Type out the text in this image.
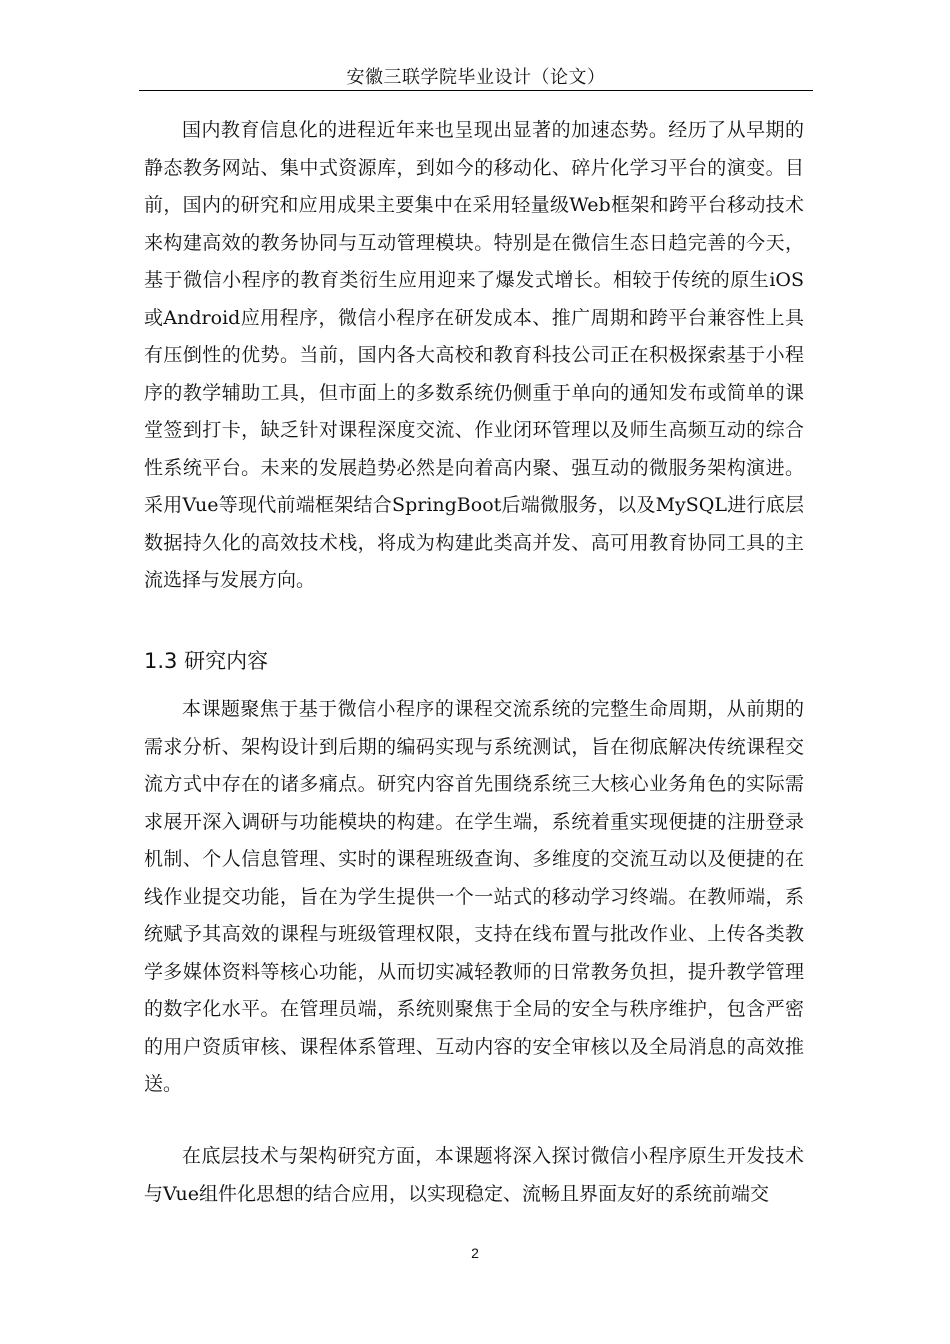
安徽三联学院毕业设计（论文）

国内教育信息化的进程近年来也呈现出显著的加速态势。经历了从早期的静态教务网站、集中式资源库，到如今的移动化、碎片化学习平台的演变。目前，国内的研究和应用成果主要集中在采用轻量级Web框架和跨平台移动技术来构建高效的教务协同与互动管理模块。特别是在微信生态日趋完善的今天，基于微信小程序的教育类衍生应用迎来了爆发式增长。相较于传统的原生iOS或Android应用程序，微信小程序在研发成本、推广周期和跨平台兼容性上具有压倒性的优势。当前，国内各大高校和教育科技公司正在积极探索基于小程序的教学辅助工具，但市面上的多数系统仍侧重于单向的通知发布或简单的课堂签到打卡，缺乏针对课程深度交流、作业闭环管理以及师生高频互动的综合性系统平台。未来的发展趋势必然是向着高内聚、强互动的微服务架构演进。采用Vue等现代前端框架结合SpringBoot后端微服务，以及MySQL进行底层数据持久化的高效技术栈，将成为构建此类高并发、高可用教育协同工具的主流选择与发展方向。

1.3 研究内容

本课题聚焦于基于微信小程序的课程交流系统的完整生命周期，从前期的需求分析、架构设计到后期的编码实现与系统测试，旨在彻底解决传统课程交流方式中存在的诸多痛点。研究内容首先围绕系统三大核心业务角色的实际需求展开深入调研与功能模块的构建。在学生端，系统着重实现便捷的注册登录机制、个人信息管理、实时的课程班级查询、多维度的交流互动以及便捷的在线作业提交功能，旨在为学生提供一个一站式的移动学习终端。在教师端，系统赋予其高效的课程与班级管理权限，支持在线布置与批改作业、上传各类教学多媒体资料等核心功能，从而切实减轻教师的日常教务负担，提升教学管理的数字化水平。在管理员端，系统则聚焦于全局的安全与秩序维护，包含严密的用户资质审核、课程体系管理、互动内容的安全审核以及全局消息的高效推送。

在底层技术与架构研究方面，本课题将深入探讨微信小程序原生开发技术与Vue组件化思想的结合应用，以实现稳定、流畅且界面友好的系统前端交

2
